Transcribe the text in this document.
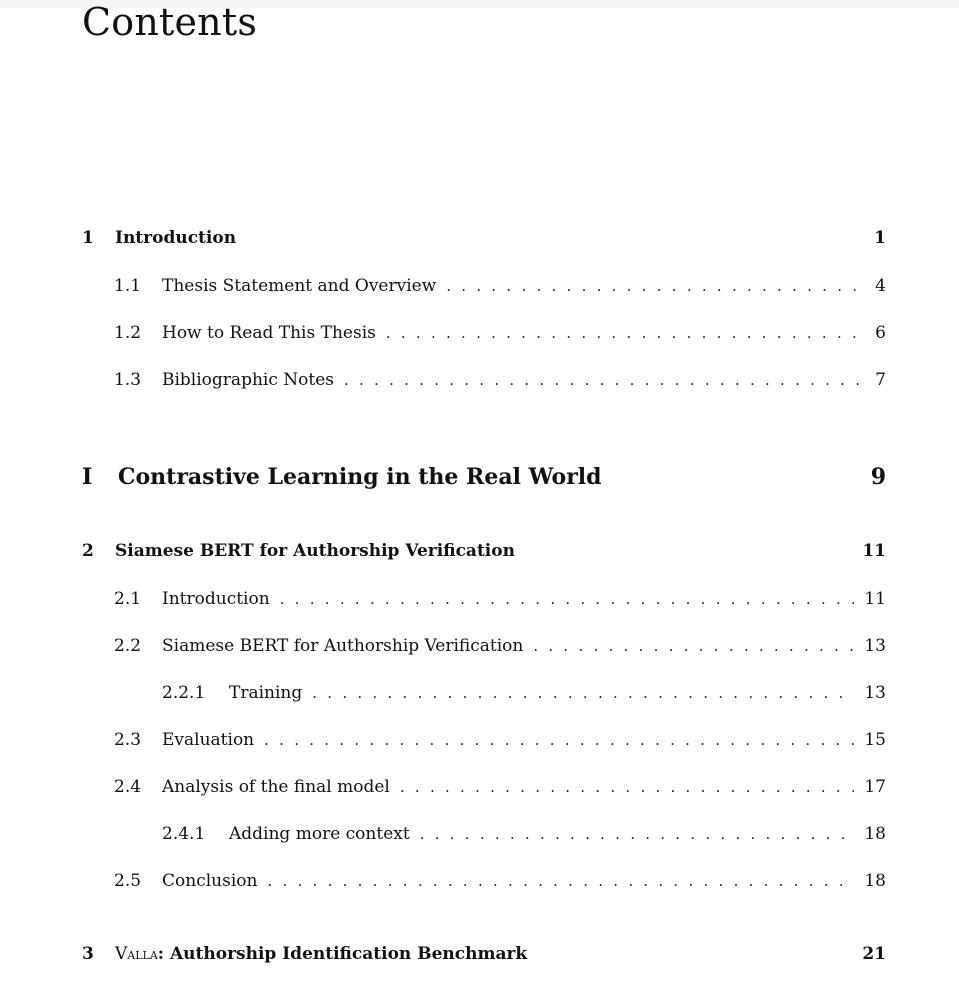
Contents
1	Introduction	1
1.1	Thesis Statement and Overview . . .	4
1.2	How to Read This Thesis . . .	6
1.3	Bibliographic Notes . . .	7
I	Contrastive Learning in the Real World	9
2	Siamese BERT for Authorship Verification	11
2.1	Introduction . . .	11
2.2	Siamese BERT for Authorship Verification . . .	13
2.2.1	Training . . .	13
2.3	Evaluation . . .	15
2.4	Analysis of the final model . . .	17
2.4.1	Adding more context . . .	18
2.5	Conclusion . . .	18
3	Valla: Authorship Identification Benchmark	21
